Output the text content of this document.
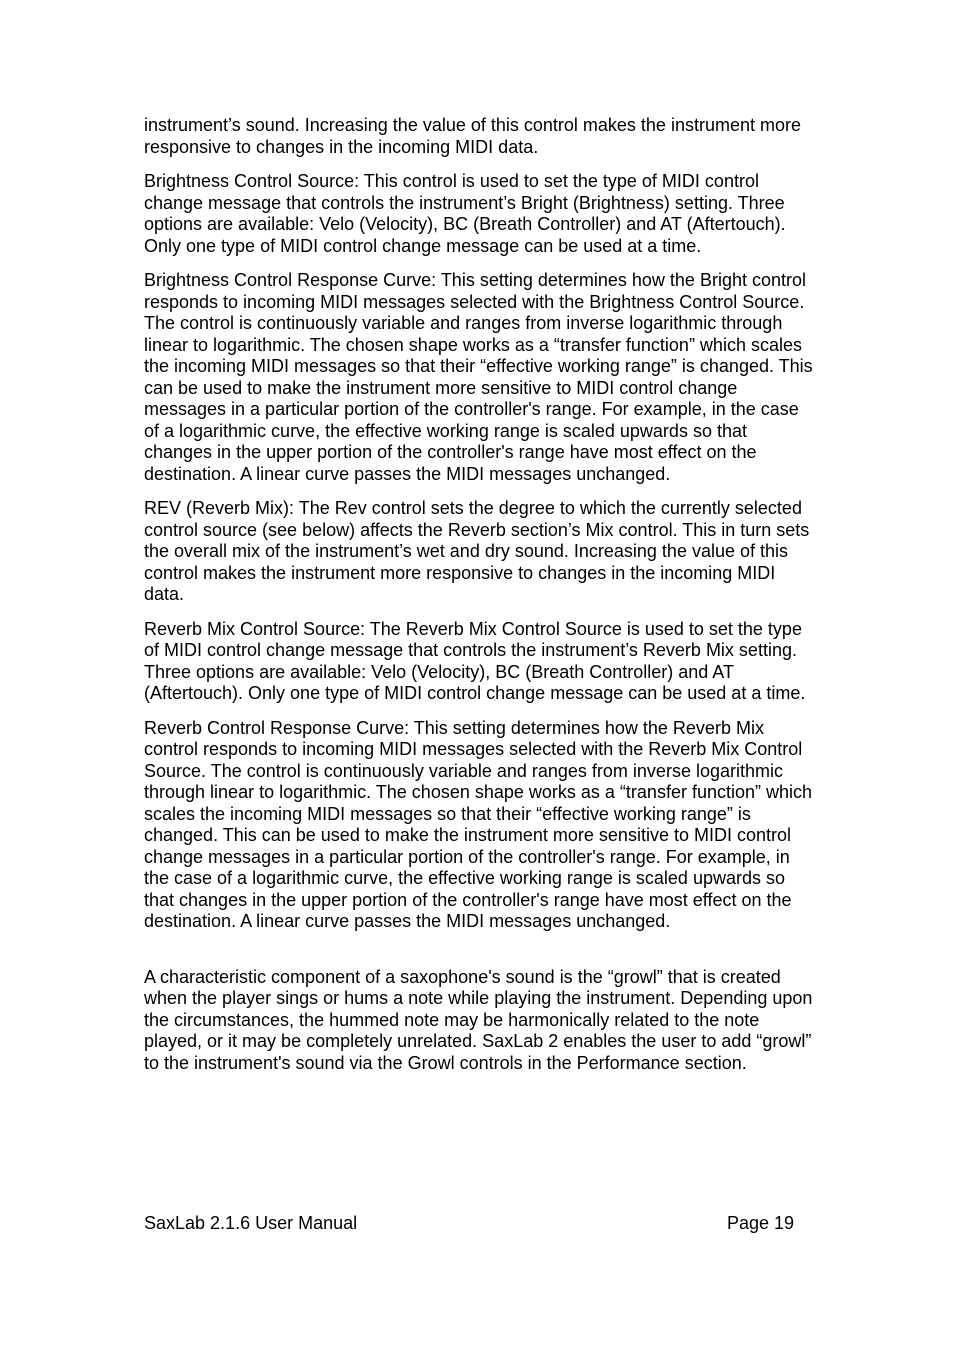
instrument’s sound. Increasing the value of this control makes the instrument more responsive to changes in the incoming MIDI data.

Brightness Control Source: This control is used to set the type of MIDI control change message that controls the instrument’s Bright (Brightness) setting. Three options are available: Velo (Velocity), BC (Breath Controller) and AT (Aftertouch). Only one type of MIDI control change message can be used at a time.

Brightness Control Response Curve: This setting determines how the Bright control responds to incoming MIDI messages selected with the Brightness Control Source. The control is continuously variable and ranges from inverse logarithmic through linear to logarithmic. The chosen shape works as a “transfer function” which scales the incoming MIDI messages so that their “effective working range” is changed. This can be used to make the instrument more sensitive to MIDI control change messages in a particular portion of the controller's range. For example, in the case of a logarithmic curve, the effective working range is scaled upwards so that changes in the upper portion of the controller's range have most effect on the destination. A linear curve passes the MIDI messages unchanged.

REV (Reverb Mix): The Rev control sets the degree to which the currently selected control source (see below) affects the Reverb section’s Mix control. This in turn sets the overall mix of the instrument’s wet and dry sound. Increasing the value of this control makes the instrument more responsive to changes in the incoming MIDI data.

Reverb Mix Control Source: The Reverb Mix Control Source is used to set the type of MIDI control change message that controls the instrument’s Reverb Mix setting. Three options are available: Velo (Velocity), BC (Breath Controller) and AT (Aftertouch). Only one type of MIDI control change message can be used at a time.

Reverb Control Response Curve: This setting determines how the Reverb Mix control responds to incoming MIDI messages selected with the Reverb Mix Control Source. The control is continuously variable and ranges from inverse logarithmic through linear to logarithmic. The chosen shape works as a “transfer function” which scales the incoming MIDI messages so that their “effective working range” is changed. This can be used to make the instrument more sensitive to MIDI control change messages in a particular portion of the controller's range. For example, in the case of a logarithmic curve, the effective working range is scaled upwards so that changes in the upper portion of the controller's range have most effect on the destination. A linear curve passes the MIDI messages unchanged.

A characteristic component of a saxophone's sound is the “growl” that is created when the player sings or hums a note while playing the instrument. Depending upon the circumstances, the hummed note may be harmonically related to the note played, or it may be completely unrelated. SaxLab 2 enables the user to add “growl” to the instrument's sound via the Growl controls in the Performance section.

SaxLab 2.1.6 User Manual	Page 19
